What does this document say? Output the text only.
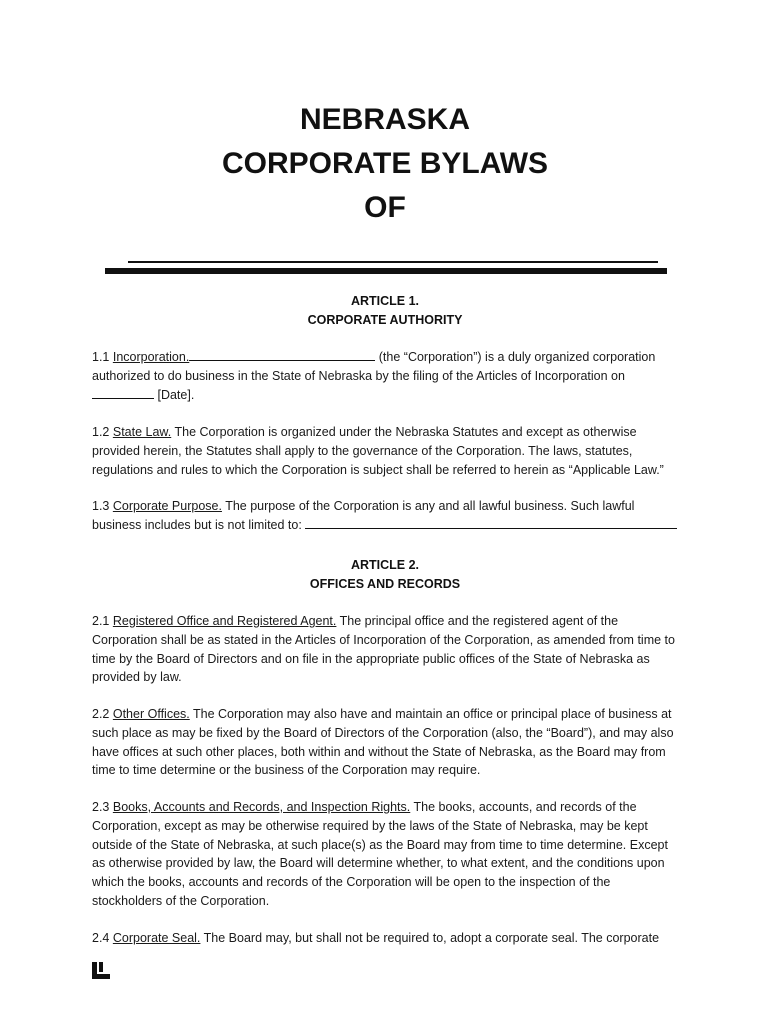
NEBRASKA
CORPORATE BYLAWS
OF
ARTICLE 1.
CORPORATE AUTHORITY
1.1 Incorporation.	(the “Corporation”) is a duly organized corporation authorized to do business in the State of Nebraska by the filing of the Articles of Incorporation on  [Date].
1.2 State Law. The Corporation is organized under the Nebraska Statutes and except as otherwise provided herein, the Statutes shall apply to the governance of the Corporation. The laws, statutes, regulations and rules to which the Corporation is subject shall be referred to herein as “Applicable Law.”
1.3 Corporate Purpose. The purpose of the Corporation is any and all lawful business. Such lawful business includes but is not limited to:
ARTICLE 2.
OFFICES AND RECORDS
2.1 Registered Office and Registered Agent. The principal office and the registered agent of the Corporation shall be as stated in the Articles of Incorporation of the Corporation, as amended from time to time by the Board of Directors and on file in the appropriate public offices of the State of Nebraska as provided by law.
2.2 Other Offices. The Corporation may also have and maintain an office or principal place of business at such place as may be fixed by the Board of Directors of the Corporation (also, the “Board”), and may also have offices at such other places, both within and without the State of Nebraska, as the Board may from time to time determine or the business of the Corporation may require.
2.3 Books, Accounts and Records, and Inspection Rights. The books, accounts, and records of the Corporation, except as may be otherwise required by the laws of the State of Nebraska, may be kept outside of the State of Nebraska, at such place(s) as the Board may from time to time determine. Except as otherwise provided by law, the Board will determine whether, to what extent, and the conditions upon which the books, accounts and records of the Corporation will be open to the inspection of the stockholders of the Corporation.
2.4 Corporate Seal. The Board may, but shall not be required to, adopt a corporate seal. The corporate
